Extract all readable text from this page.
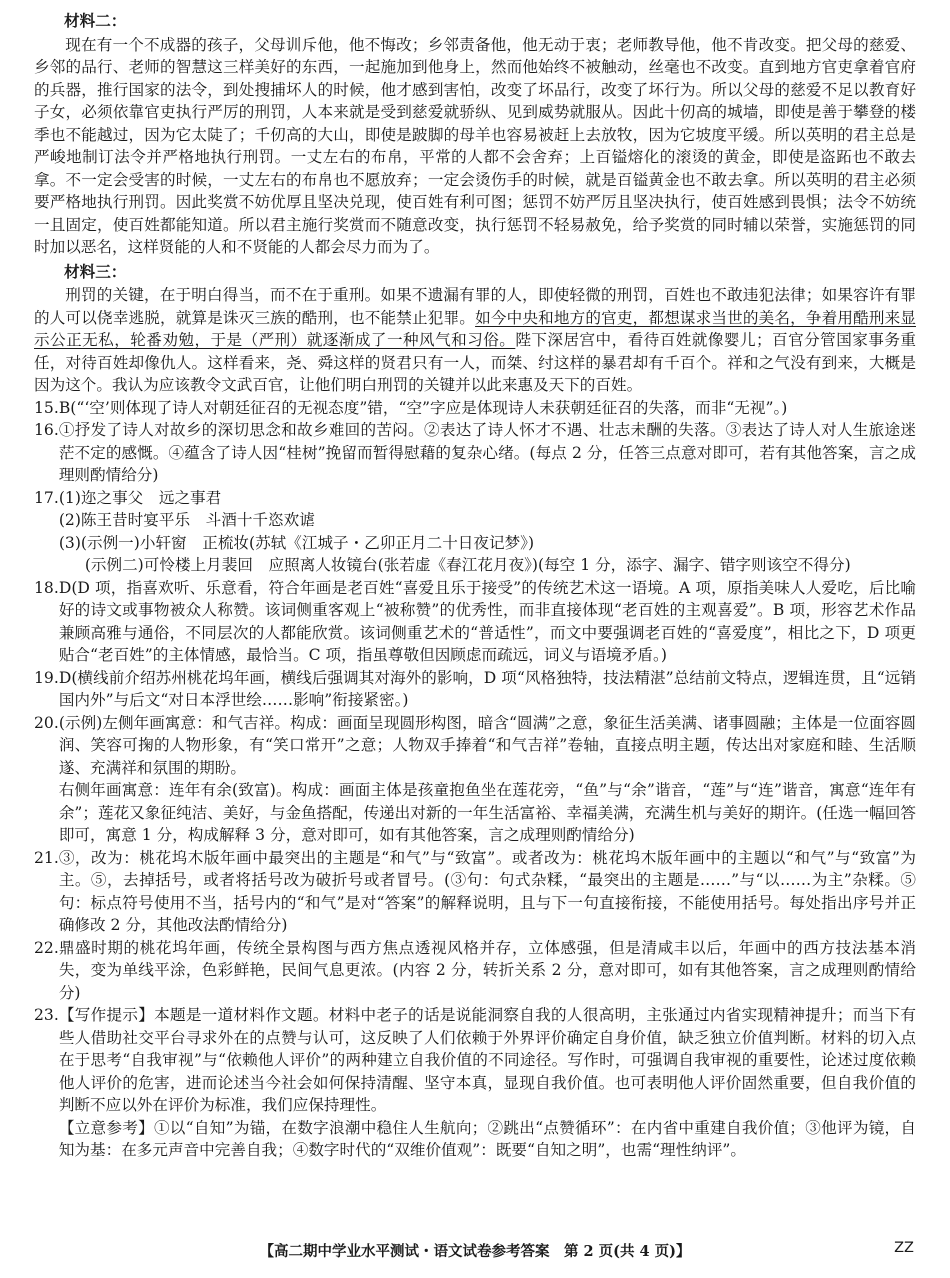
材料二：

现在有一个不成器的孩子，父母训斥他，他不悔改；乡邻责备他，他无动于衷；老师教导他，他不肯改变。把父母的慈爱、乡邻的品行、老师的智慧这三样美好的东西，一起施加到他身上，然而他始终不被触动，丝毫也不改变。直到地方官吏拿着官府的兵器，推行国家的法令，到处搜捕坏人的时候，他才感到害怕，改变了坏品行，改变了坏行为。所以父母的慈爱不足以教育好子女，必须依靠官吏执行严厉的刑罚，人本来就是受到慈爱就骄纵、见到威势就服从。因此十仞高的城墙，即使是善于攀登的楼季也不能越过，因为它太陡了；千仞高的大山，即使是跛脚的母羊也容易被赶上去放牧，因为它坡度平缓。所以英明的君主总是严峻地制订法令并严格地执行刑罚。一丈左右的布帛，平常的人都不会舍弃；上百镒熔化的滚烫的黄金，即使是盗跖也不敢去拿。不一定会受害的时候，一丈左右的布帛也不愿放弃；一定会烫伤手的时候，就是百镒黄金也不敢去拿。所以英明的君主必须要严格地执行刑罚。因此奖赏不妨优厚且坚决兑现，使百姓有利可图；惩罚不妨严厉且坚决执行，使百姓感到畏惧；法令不妨统一且固定，使百姓都能知道。所以君主施行奖赏而不随意改变，执行惩罚不轻易赦免，给予奖赏的同时辅以荣誉，实施惩罚的同时加以恶名，这样贤能的人和不贤能的人都会尽力而为了。

材料三：

刑罚的关键，在于明白得当，而不在于重刑。如果不遗漏有罪的人，即使轻微的刑罚，百姓也不敢违犯法律；如果容许有罪的人可以侥幸逃脱，就算是诛灭三族的酷刑，也不能禁止犯罪。如今中央和地方的官吏，都想谋求当世的美名，争着用酷刑来显示公正无私，轮番劝勉，于是（严刑）就逐渐成了一种风气和习俗。陛下深居宫中，看待百姓就像婴儿；百官分管国家事务重任，对待百姓却像仇人。这样看来，尧、舜这样的贤君只有一人，而桀、纣这样的暴君却有千百个。祥和之气没有到来，大概是因为这个。我认为应该教令文武百官，让他们明白刑罚的关键并以此来惠及天下的百姓。

15. B(“‘空’则体现了诗人对朝廷征召的无视态度”错，“空”字应是体现诗人未获朝廷征召的失落，而非“无视”。)

16. ①抒发了诗人对故乡的深切思念和故乡难回的苦闷。②表达了诗人怀才不遇、壮志未酬的失落。③表达了诗人对人生旅途迷茫不定的感慨。④蕴含了诗人因“桂树”挽留而暂得慰藉的复杂心绪。(每点 2 分，任答三点意对即可，若有其他答案，言之成理则酌情给分)

17. (1)迩之事父　远之事君

(2)陈王昔时宴平乐　斗酒十千恣欢谑

(3)(示例一)小轩窗　正梳妆(苏轼《江城子・乙卯正月二十日夜记梦》)

(示例二)可怜楼上月裴回　应照离人妆镜台(张若虚《春江花月夜》)(每空 1 分，添字、漏字、错字则该空不得分)

18. D(D 项，指喜欢听、乐意看，符合年画是老百姓“喜爱且乐于接受”的传统艺术这一语境。A 项，原指美味人人爱吃，后比喻好的诗文或事物被众人称赞。该词侧重客观上“被称赞”的优秀性，而非直接体现“老百姓的主观喜爱”。B 项，形容艺术作品兼顾高雅与通俗，不同层次的人都能欣赏。该词侧重艺术的“普适性”，而文中要强调老百姓的“喜爱度”，相比之下，D 项更贴合“老百姓”的主体情感，最恰当。C 项，指虽尊敬但因顾虑而疏远，词义与语境矛盾。)

19. D(横线前介绍苏州桃花坞年画，横线后强调其对海外的影响，D 项“风格独特，技法精湛”总结前文特点，逻辑连贯，且“远销国内外”与后文“对日本浮世绘……影响”衔接紧密。)

20. (示例)左侧年画寓意：和气吉祥。构成：画面呈现圆形构图，暗含“圆满”之意，象征生活美满、诸事圆融；主体是一位面容圆润、笑容可掬的人物形象，有“笑口常开”之意；人物双手捧着“和气吉祥”卷轴，直接点明主题，传达出对家庭和睦、生活顺遂、充满祥和氛围的期盼。

右侧年画寓意：连年有余(致富)。构成：画面主体是孩童抱鱼坐在莲花旁，“鱼”与“余”谐音，“莲”与“连”谐音，寓意“连年有余”；莲花又象征纯洁、美好，与金鱼搭配，传递出对新的一年生活富裕、幸福美满，充满生机与美好的期许。(任选一幅回答即可，寓意 1 分，构成解释 3 分，意对即可，如有其他答案，言之成理则酌情给分)

21. ③，改为：桃花坞木版年画中最突出的主题是“和气”与“致富”。或者改为：桃花坞木版年画中的主题以“和气”与“致富”为主。⑤，去掉括号，或者将括号改为破折号或者冒号。(③句：句式杂糅，“最突出的主题是……”与“以……为主”杂糅。⑤句：标点符号使用不当，括号内的“和气”是对“答案”的解释说明，且与下一句直接衔接，不能使用括号。每处指出序号并正确修改 2 分，其他改法酌情给分)

22. 鼎盛时期的桃花坞年画，传统全景构图与西方焦点透视风格并存，立体感强，但是清咸丰以后，年画中的西方技法基本消失，变为单线平涂，色彩鲜艳，民间气息更浓。(内容 2 分，转折关系 2 分，意对即可，如有其他答案，言之成理则酌情给分)

23. 【写作提示】本题是一道材料作文题。材料中老子的话是说能洞察自我的人很高明，主张通过内省实现精神提升；而当下有些人借助社交平台寻求外在的点赞与认可，这反映了人们依赖于外界评价确定自身价值，缺乏独立价值判断。材料的切入点在于思考“自我审视”与“依赖他人评价”的两种建立自我价值的不同途径。写作时，可强调自我审视的重要性，论述过度依赖他人评价的危害，进而论述当今社会如何保持清醒、坚守本真，显现自我价值。也可表明他人评价固然重要，但自我价值的判断不应以外在评价为标准，我们应保持理性。

【立意参考】①以“自知”为锚，在数字浪潮中稳住人生航向；②跳出“点赞循环”：在内省中重建自我价值；③他评为镜，自知为基：在多元声音中完善自我；④数字时代的“双维价值观”：既要“自知之明”，也需“理性纳评”。

【高二期中学业水平测试・语文试卷参考答案　第 2 页(共 4 页)】	ZZ
